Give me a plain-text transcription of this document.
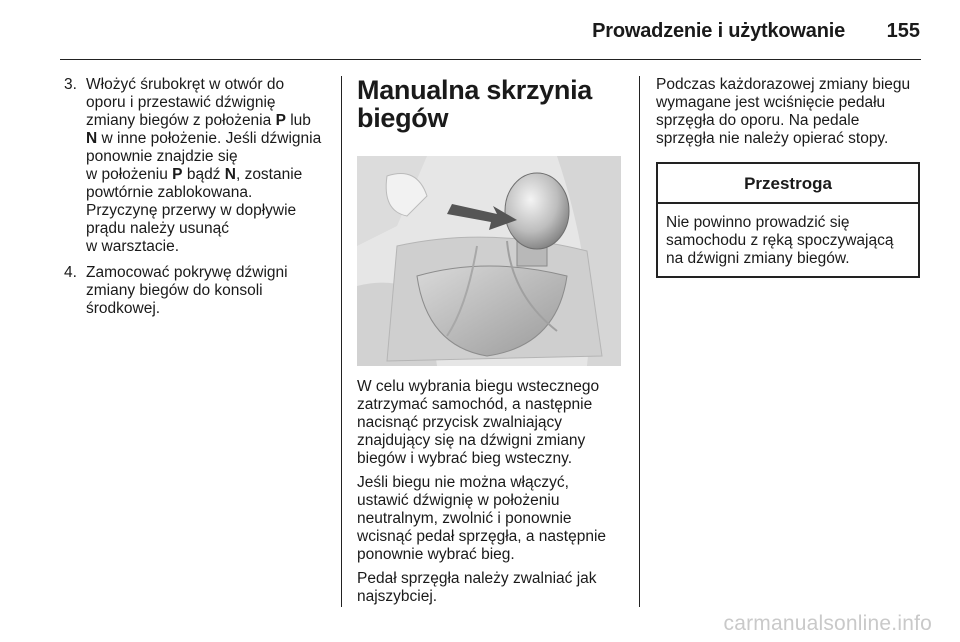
Prowadzenie i użytkowanie 155
3. Włożyć śrubokręt w otwór do
oporu i przestawić dźwignię
zmiany biegów z położenia P lub
N w inne położenie. Jeśli dźwignia
ponownie znajdzie się
w położeniu P bądź N, zostanie
powtórnie zablokowana.
Przyczynę przerwy w dopływie
prądu należy usunąć
w warsztacie.
4. Zamocować pokrywę dźwigni
zmiany biegów do konsoli
środkowej.
Manualna skrzynia
biegów

W celu wybrania biegu wstecznego
zatrzymać samochód, a następnie
nacisnąć przycisk zwalniający
znajdujący się na dźwigni zmiany
biegów i wybrać bieg wsteczny.

Jeśli biegu nie można włączyć,
ustawić dźwignię w położeniu
neutralnym, zwolnić i ponownie
wcisnąć pedał sprzęgła, a następnie
ponownie wybrać bieg.

Pedał sprzęgła należy zwalniać jak
najszybciej.

Podczas każdorazowej zmiany biegu
wymagane jest wciśnięcie pedału
sprzęgła do oporu. Na pedale
sprzęgła nie należy opierać stopy.

Przestroga
Nie powinno prowadzić się
samochodu z ręką spoczywającą
na dźwigni zmiany biegów.
carmanualsonline.info
